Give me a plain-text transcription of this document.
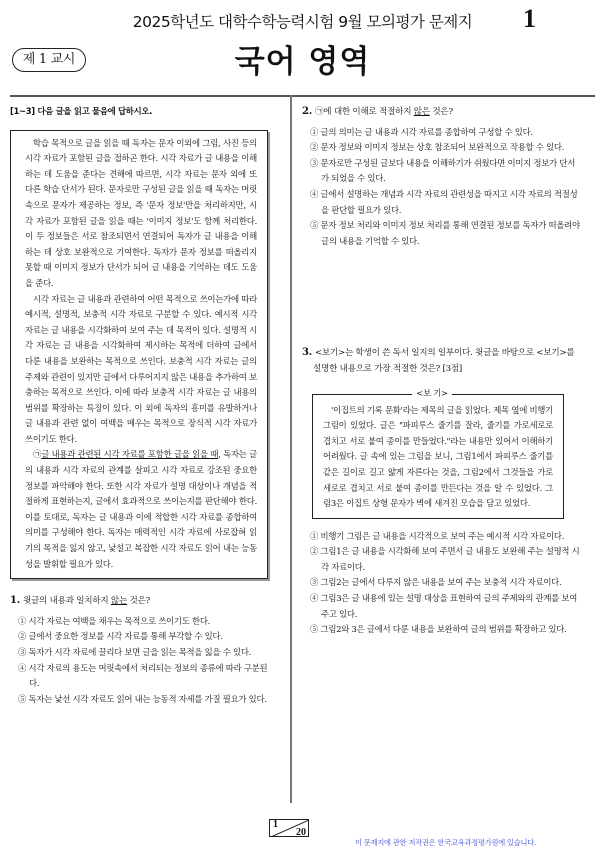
2025학년도 대학수학능력시험 9월 모의평가 문제지	1
제 1 교시	국어 영역
[1~3] 다음 글을 읽고 물음에 답하시오.

학습 목적으로 글을 읽을 때 독자는 문자 이외에 그림, 사진 등의 시각 자료가 포함된 글을 접하곤 한다. 시각 자료가 글 내용을 이해하는 데 도움을 준다는 견해에 따르면, 시각 자료는 문자 외에 또 다른 학습 단서가 된다. 문자로만 구성된 글을 읽을 때 독자는 머릿속으로 문자가 제공하는 정보, 즉 '문자 정보'만을 처리하지만, 시각 자료가 포함된 글을 읽을 때는 '이미지 정보'도 함께 처리한다. 이 두 정보들은 서로 참조되면서 연결되어 독자가 글 내용을 이해하는 데 상호 보완적으로 기여한다. 독자가 문자 정보를 떠올리지 못할 때 이미지 정보가 단서가 되어 글 내용을 기억하는 데도 도움을 준다.

시각 자료는 글 내용과 관련하여 어떤 목적으로 쓰이는가에 따라 예시적, 설명적, 보충적 시각 자료로 구분할 수 있다. 예시적 시각 자료는 글 내용을 시각화하여 보여 주는 데 목적이 있다. 설명적 시각 자료는 글 내용을 시각화하여 제시하는 목적에 더하여 글에서 다룬 내용을 보완하는 목적으로 쓰인다. 보충적 시각 자료는 글의 주제와 관련이 있지만 글에서 다루어지지 않은 내용을 추가하여 보충하는 목적으로 쓰인다. 이에 따라 보충적 시각 자료는 글 내용의 범위를 확장하는 특징이 있다. 이 외에 독자의 흥미를 유발하거나 글 내용과 관련 없이 여백을 메우는 목적으로 장식적 시각 자료가 쓰이기도 한다.

㉠글 내용과 관련된 시각 자료를 포함한 글을 읽을 때, 독자는 글의 내용과 시각 자료의 관계를 살피고 시각 자료로 강조된 중요한 정보를 파악해야 한다. 또한 시각 자료가 설명 대상이나 개념을 적절하게 표현하는지, 글에서 효과적으로 쓰이는지를 판단해야 한다. 이를 토대로, 독자는 글 내용과 이에 적합한 시각 자료를 종합하여 의미를 구성해야 한다. 독자는 매력적인 시각 자료에 사로잡혀 읽기의 목적을 잃지 않고, 낯설고 복잡한 시각 자료도 읽어 내는 능동성을 발휘할 필요가 있다.

1. 윗글의 내용과 일치하지 않는 것은?
① 시각 자료는 여백을 채우는 목적으로 쓰이기도 한다.
② 글에서 중요한 정보를 시각 자료를 통해 부각할 수 있다.
③ 독자가 시각 자료에 끌리다 보면 글을 읽는 목적을 잃을 수 있다.
④ 시각 자료의 용도는 머릿속에서 처리되는 정보의 종류에 따라 구분된다.
⑤ 독자는 낯선 시각 자료도 읽어 내는 능동적 자세를 가질 필요가 있다.
2. ㉠에 대한 이해로 적절하지 않은 것은?
① 글의 의미는 글 내용과 시각 자료를 종합하여 구성할 수 있다.
② 문자 정보와 이미지 정보는 상호 참조되어 보완적으로 작용할 수 있다.
③ 문자로만 구성된 글보다 내용을 이해하기가 쉬웠다면 이미지 정보가 단서가 되었을 수 있다.
④ 글에서 설명하는 개념과 시각 자료의 관련성을 따지고 시각 자료의 적절성을 판단할 필요가 있다.
⑤ 문자 정보 처리와 이미지 정보 처리를 통해 연결된 정보를 독자가 떠올려야 글의 내용을 기억할 수 있다.
3. <보기>는 학생이 쓴 독서 일지의 일부이다. 윗글을 바탕으로 <보기>를 설명한 내용으로 가장 적절한 것은? [3점]
<보 기>

'이집트의 기록 문화'라는 제목의 글을 읽었다. 제목 옆에 비행기 그림이 있었다. 글은 "파피루스 줄기를 잘라, 줄기를 가로세로로 겹치고 서로 붙여 종이를 만들었다."라는 내용만 있어서 이해하기 어려웠다. 글 속에 있는 그림을 보니, 그림1에서 파피루스 줄기를 같은 길이로 길고 얇게 자른다는 것을, 그림2에서 그것들을 가로세로로 겹치고 서로 붙여 종이를 만든다는 것을 알 수 있었다. 그림3은 이집트 상형 문자가 벽에 새겨진 모습을 담고 있었다.

① 비행기 그림은 글 내용을 시각적으로 보여 주는 예시적 시각 자료이다.
② 그림1은 글 내용을 시각화해 보여 주면서 글 내용도 보완해 주는 설명적 시각 자료이다.
③ 그림2는 글에서 다루지 않은 내용을 보여 주는 보충적 시각 자료이다.
④ 그림3은 글 내용에 있는 설명 대상을 표현하여 글의 주제와의 관계를 보여 주고 있다.
⑤ 그림2와 3은 글에서 다룬 내용을 보완하여 글의 범위를 확장하고 있다.
1
20
이 문제지에 관한 저작권은 한국교육과정평가원에 있습니다.
